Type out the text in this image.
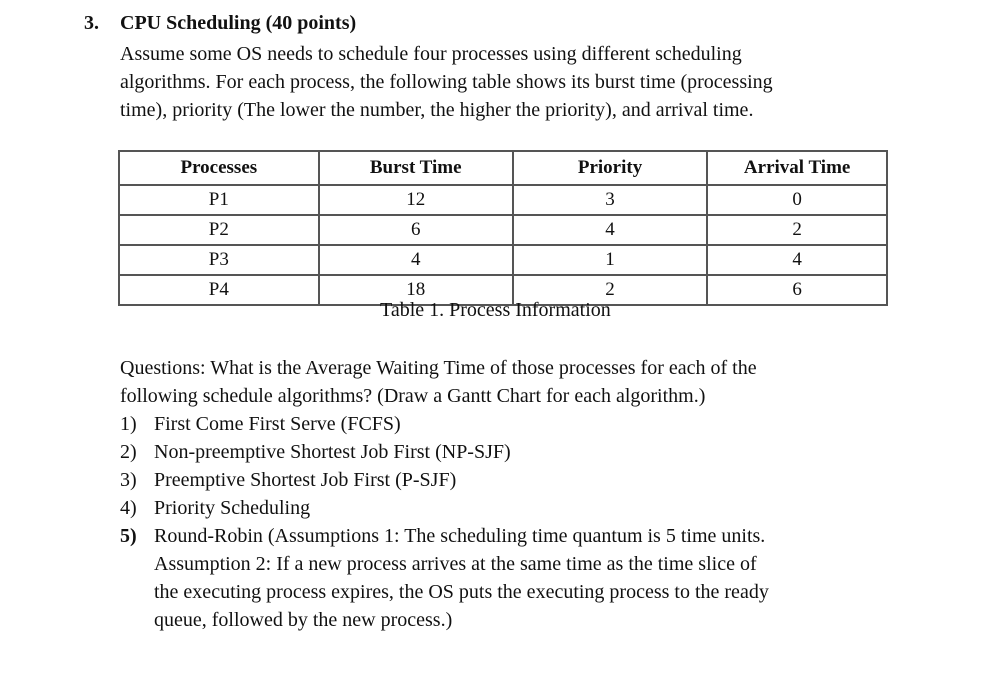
3. CPU Scheduling (40 points)
Assume some OS needs to schedule four processes using different scheduling
algorithms. For each process, the following table shows its burst time (processing
time), priority (The lower the number, the higher the priority), and arrival time.
Processes	Burst Time	Priority	Arrival Time
P1	12	3	0
P2	6	4	2
P3	4	1	4
P4	18	2	6
Table 1. Process Information
Questions: What is the Average Waiting Time of those processes for each of the
following schedule algorithms? (Draw a Gantt Chart for each algorithm.)
1) First Come First Serve (FCFS)
2) Non-preemptive Shortest Job First (NP-SJF)
3) Preemptive Shortest Job First (P-SJF)
4) Priority Scheduling
5) Round-Robin (Assumptions 1: The scheduling time quantum is 5 time units.
Assumption 2: If a new process arrives at the same time as the time slice of
the executing process expires, the OS puts the executing process to the ready
queue, followed by the new process.)
